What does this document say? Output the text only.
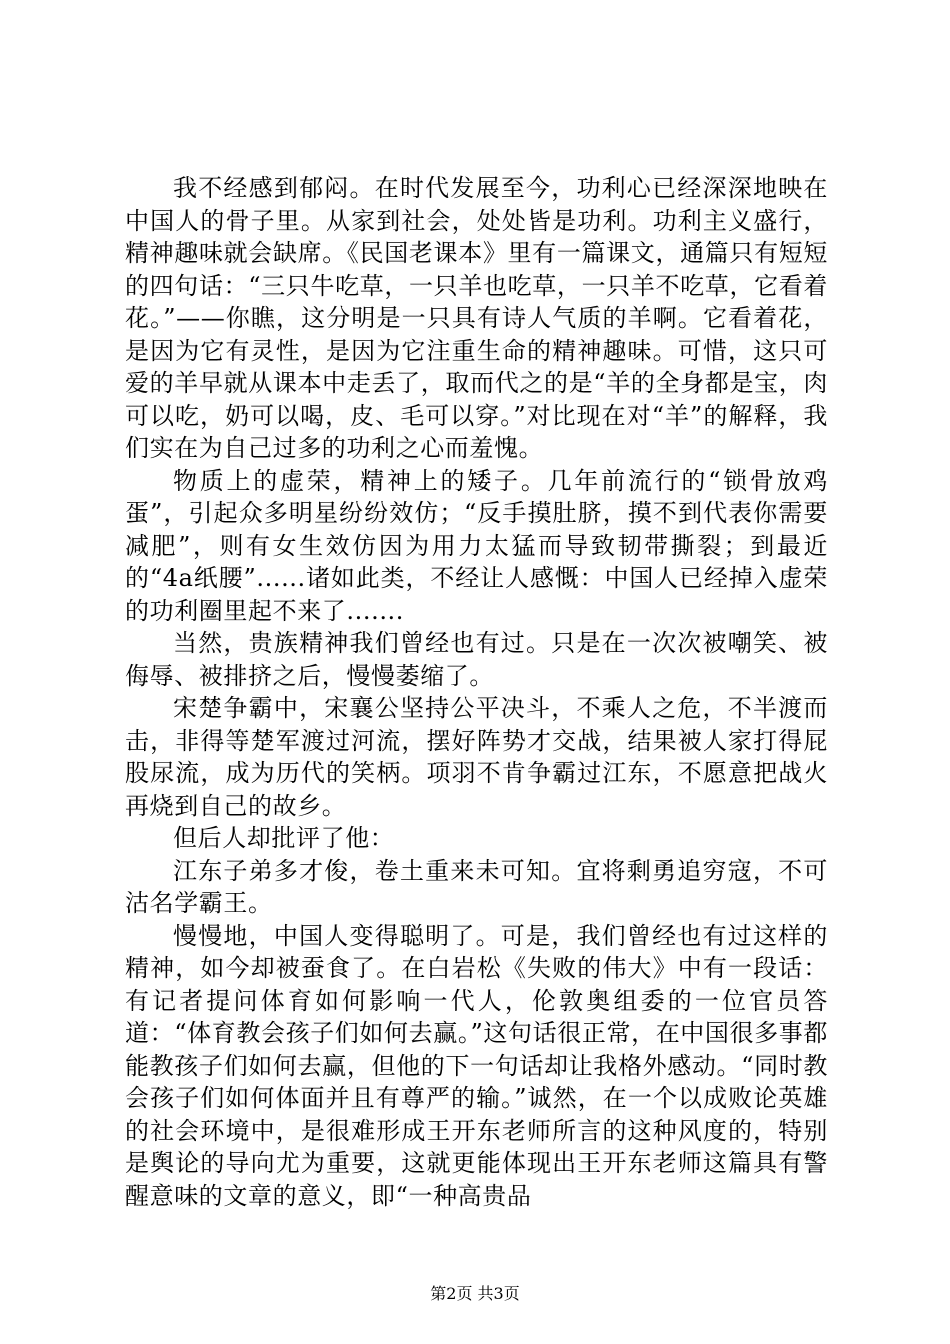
我不经感到郁闷。在时代发展至今，功利心已经深深地映在中国人的骨子里。从家到社会，处处皆是功利。功利主义盛行，精神趣味就会缺席。《民国老课本》里有一篇课文，通篇只有短短的四句话：“三只牛吃草，一只羊也吃草，一只羊不吃草，它看着花。”——你瞧，这分明是一只具有诗人气质的羊啊。它看着花，是因为它有灵性，是因为它注重生命的精神趣味。可惜，这只可爱的羊早就从课本中走丢了，取而代之的是“羊的全身都是宝，肉可以吃，奶可以喝，皮、毛可以穿。”对比现在对“羊”的解释，我们实在为自己过多的功利之心而羞愧。

物质上的虚荣，精神上的矮子。几年前流行的“锁骨放鸡蛋”，引起众多明星纷纷效仿；“反手摸肚脐，摸不到代表你需要减肥”，则有女生效仿因为用力太猛而导致韧带撕裂；到最近的“4a纸腰”......诸如此类，不经让人感慨：中国人已经掉入虚荣的功利圈里起不来了.......

当然，贵族精神我们曾经也有过。只是在一次次被嘲笑、被侮辱、被排挤之后，慢慢萎缩了。

宋楚争霸中，宋襄公坚持公平决斗，不乘人之危，不半渡而击，非得等楚军渡过河流，摆好阵势才交战，结果被人家打得屁股尿流，成为历代的笑柄。项羽不肯争霸过江东，不愿意把战火再烧到自己的故乡。

但后人却批评了他：

江东子弟多才俊，卷土重来未可知。宜将剩勇追穷寇，不可沽名学霸王。

慢慢地，中国人变得聪明了。可是，我们曾经也有过这样的精神，如今却被蚕食了。在白岩松《失败的伟大》中有一段话：有记者提问体育如何影响一代人，伦敦奥组委的一位官员答道：“体育教会孩子们如何去赢。”这句话很正常，在中国很多事都能教孩子们如何去赢，但他的下一句话却让我格外感动。“同时教会孩子们如何体面并且有尊严的输。”诚然，在一个以成败论英雄的社会环境中，是很难形成王开东老师所言的这种风度的，特别是舆论的导向尤为重要，这就更能体现出王开东老师这篇具有警醒意味的文章的意义，即“一种高贵品

第2页 共3页
